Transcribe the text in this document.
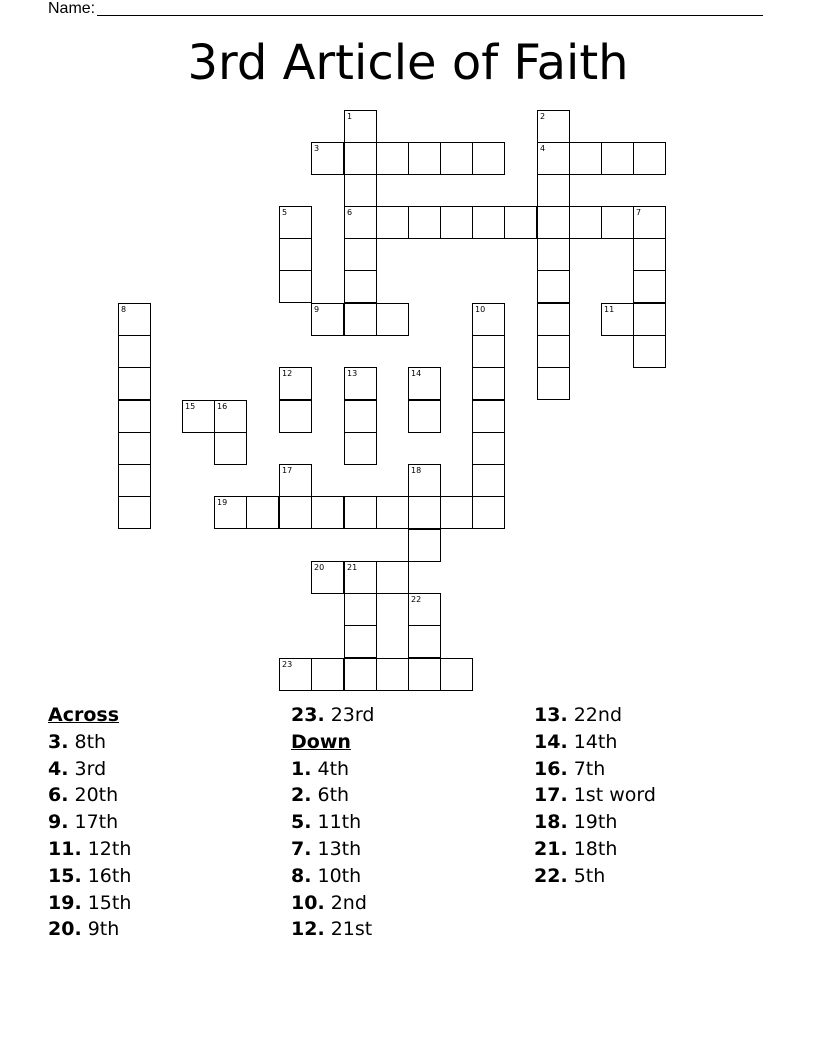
Name:
3rd Article of Faith
1	2
3	4
5	6	7
8	9	10	11
12	13	14
15	16
17	18
19
20	21
22
23
Across
3. 8th
4. 3rd
6. 20th
9. 17th
11. 12th
15. 16th
19. 15th
20. 9th
23. 23rd
Down
1. 4th
2. 6th
5. 11th
7. 13th
8. 10th
10. 2nd
12. 21st
13. 22nd
14. 14th
16. 7th
17. 1st word
18. 19th
21. 18th
22. 5th
